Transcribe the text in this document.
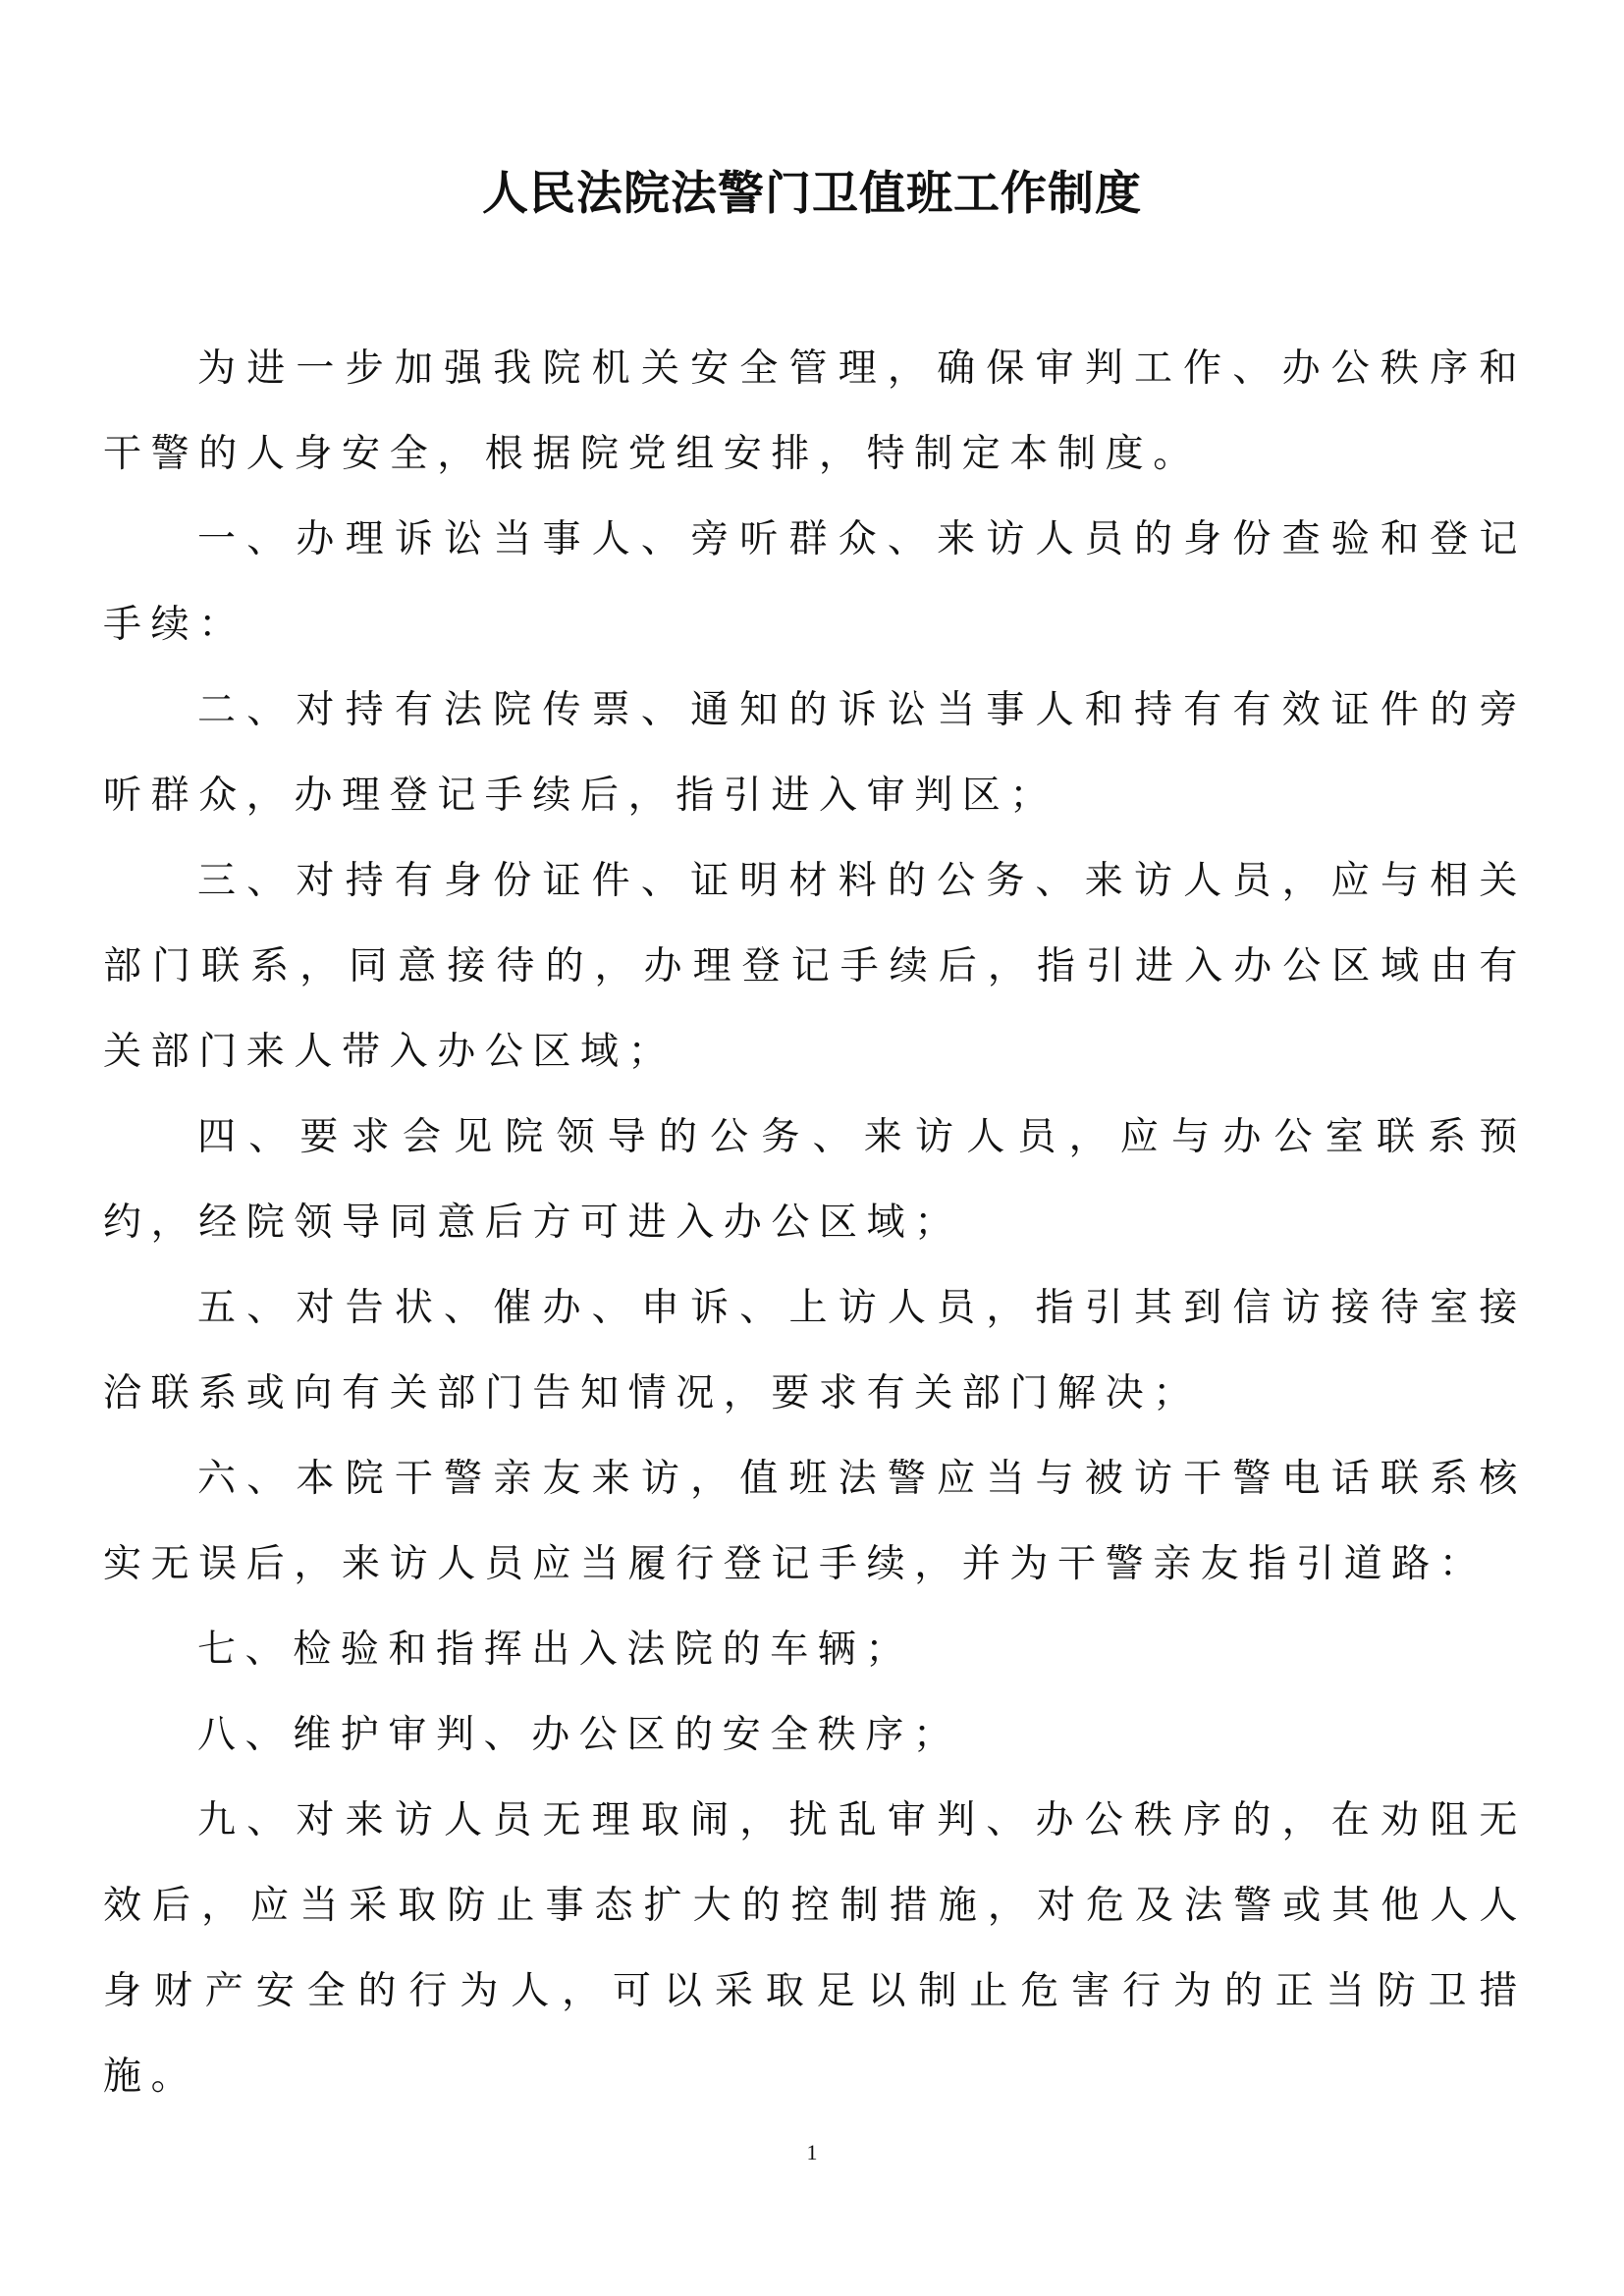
人民法院法警门卫值班工作制度

为进一步加强我院机关安全管理，确保审判工作、办公秩序和干警的人身安全，根据院党组安排，特制定本制度。

一、办理诉讼当事人、旁听群众、来访人员的身份查验和登记手续：

二、对持有法院传票、通知的诉讼当事人和持有有效证件的旁听群众，办理登记手续后，指引进入审判区；

三、对持有身份证件、证明材料的公务、来访人员，应与相关部门联系，同意接待的，办理登记手续后，指引进入办公区域由有关部门来人带入办公区域；

四、要求会见院领导的公务、来访人员，应与办公室联系预约，经院领导同意后方可进入办公区域；

五、对告状、催办、申诉、上访人员，指引其到信访接待室接洽联系或向有关部门告知情况，要求有关部门解决；

六、本院干警亲友来访，值班法警应当与被访干警电话联系核实无误后，来访人员应当履行登记手续，并为干警亲友指引道路：

七、检验和指挥出入法院的车辆；

八、维护审判、办公区的安全秩序；

九、对来访人员无理取闹，扰乱审判、办公秩序的，在劝阻无效后，应当采取防止事态扩大的控制措施，对危及法警或其他人人身财产安全的行为人，可以采取足以制止危害行为的正当防卫措施。

1
